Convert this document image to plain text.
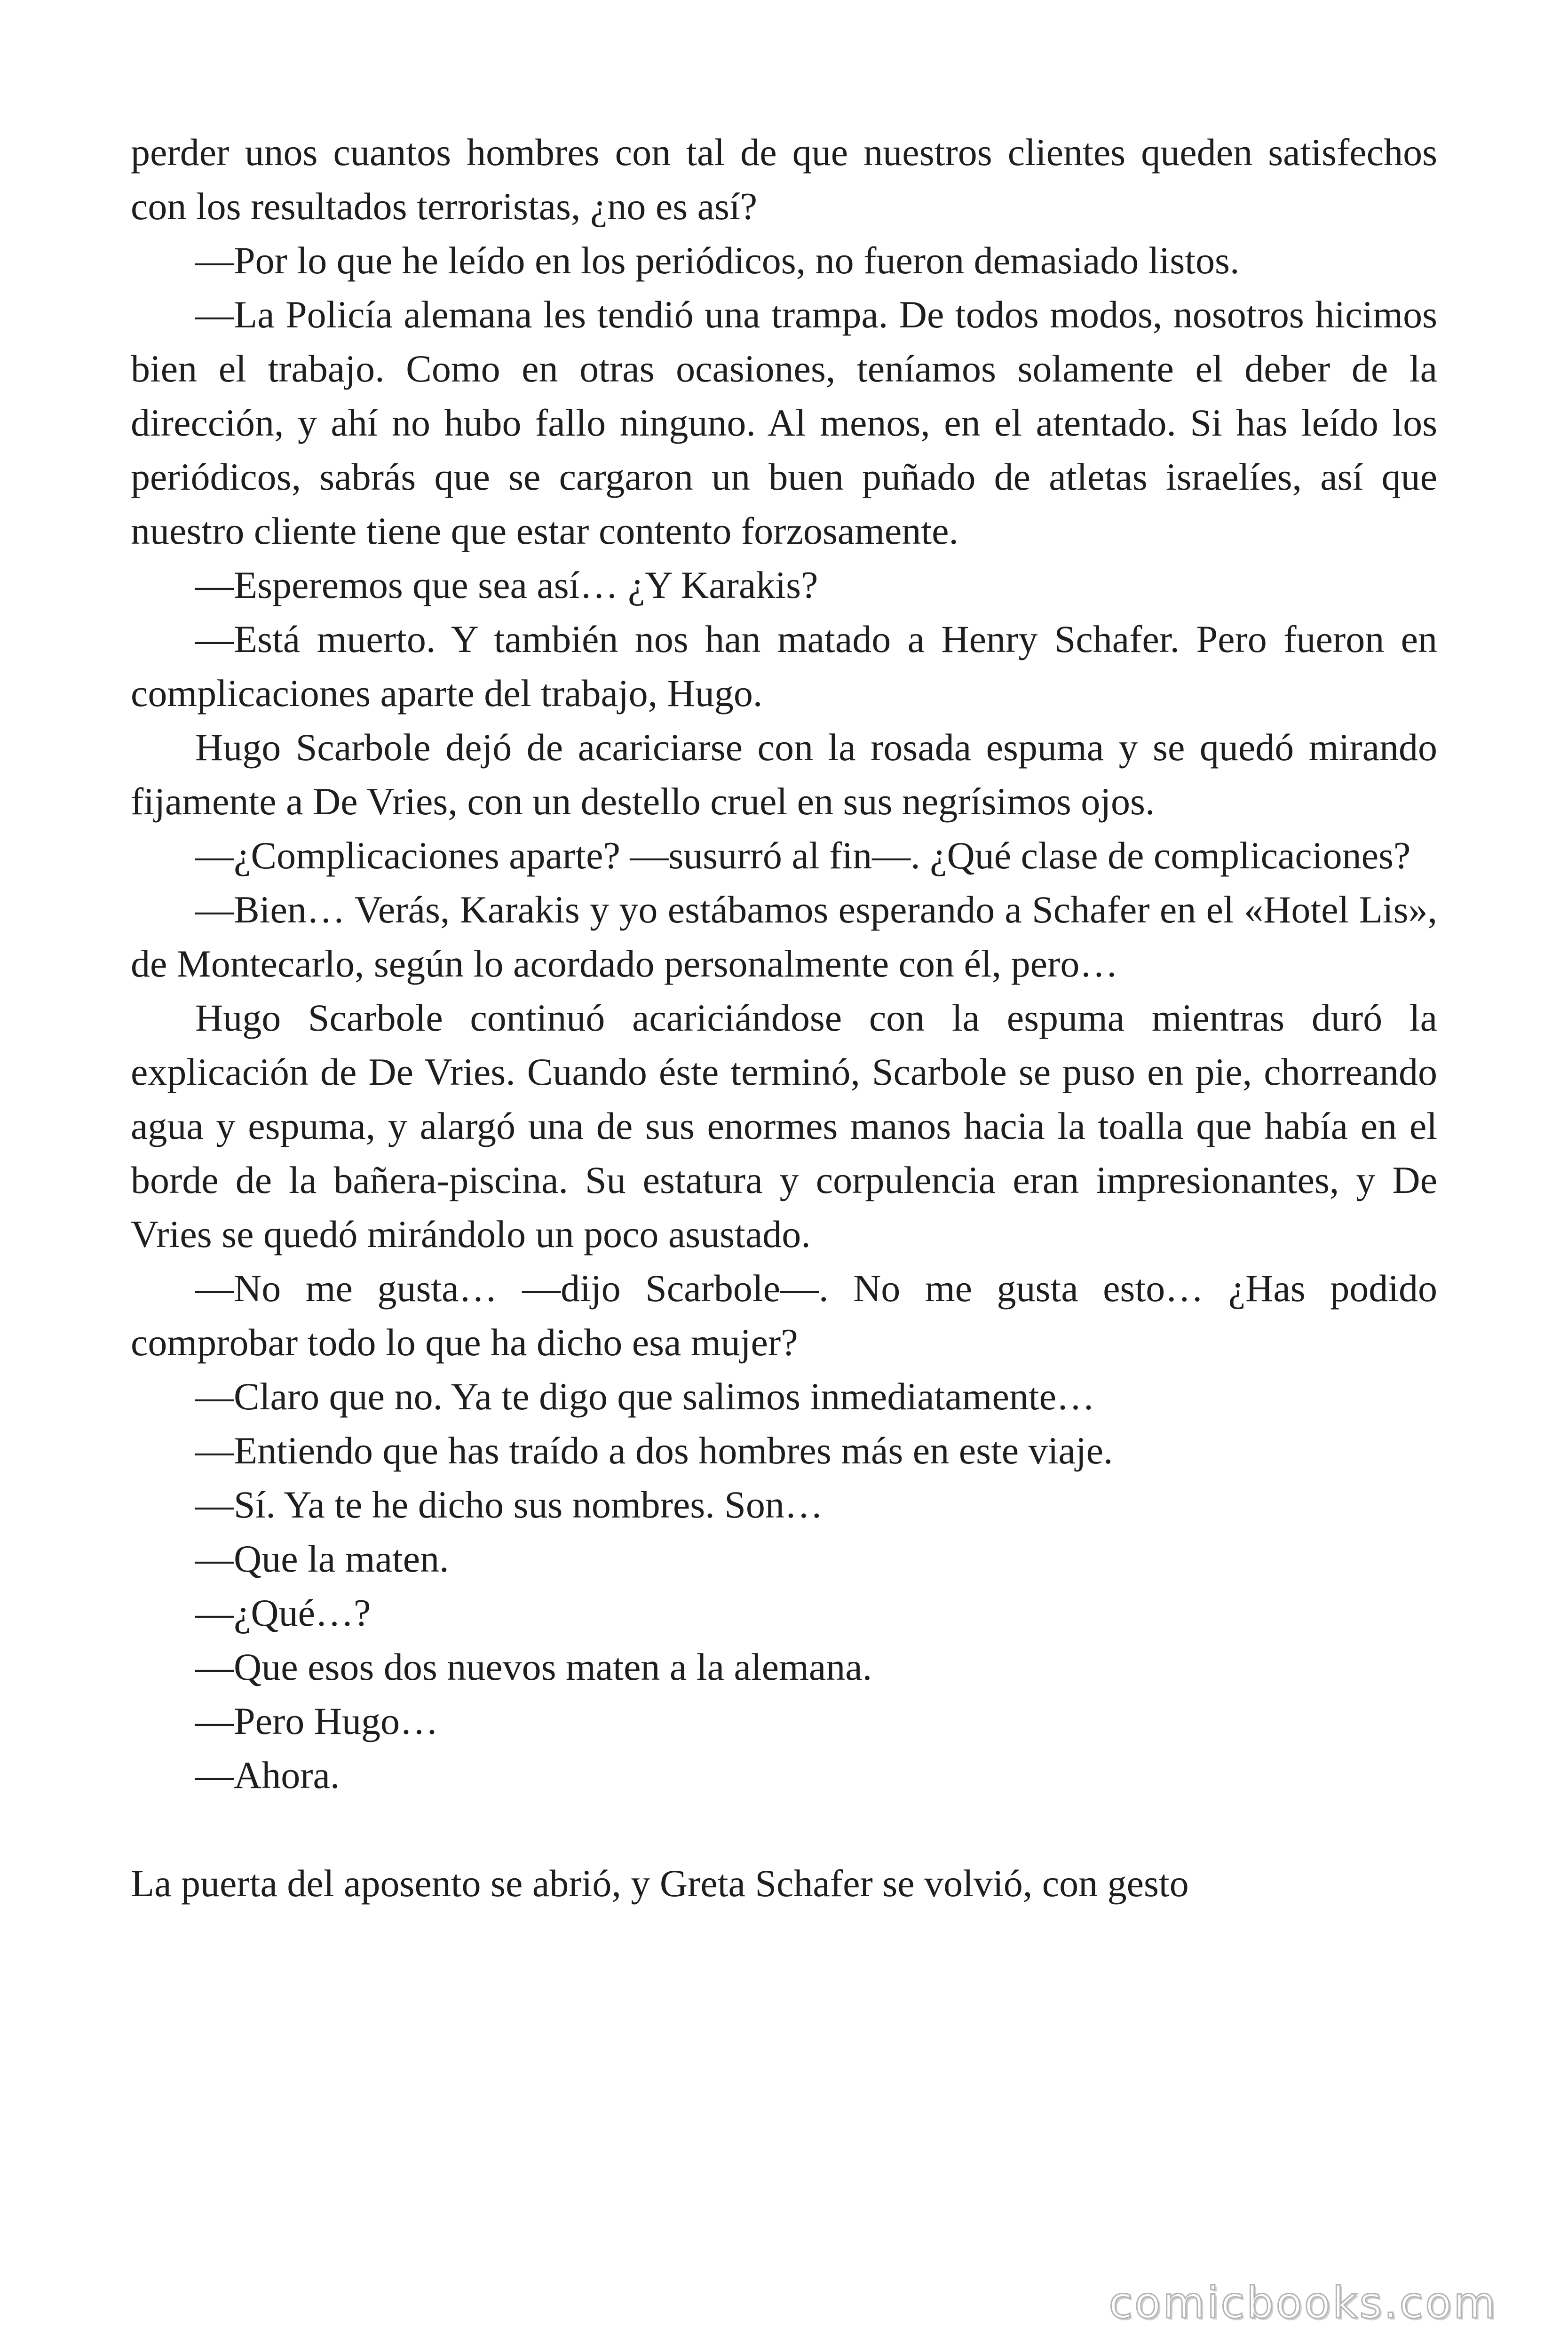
perder unos cuantos hombres con tal de que nuestros clientes queden satisfechos con los resultados terroristas, ¿no es así?

—Por lo que he leído en los periódicos, no fueron demasiado listos.

—La Policía alemana les tendió una trampa. De todos modos, nosotros hicimos bien el trabajo. Como en otras ocasiones, teníamos solamente el deber de la dirección, y ahí no hubo fallo ninguno. Al menos, en el atentado. Si has leído los periódicos, sabrás que se cargaron un buen puñado de atletas israelíes, así que nuestro cliente tiene que estar contento forzosamente.

—Esperemos que sea así… ¿Y Karakis?

—Está muerto. Y también nos han matado a Henry Schafer. Pero fueron en complicaciones aparte del trabajo, Hugo.

Hugo Scarbole dejó de acariciarse con la rosada espuma y se quedó mirando fijamente a De Vries, con un destello cruel en sus negrísimos ojos.

—¿Complicaciones aparte? —susurró al fin—. ¿Qué clase de complicaciones?

—Bien… Verás, Karakis y yo estábamos esperando a Schafer en el «Hotel Lis», de Montecarlo, según lo acordado personalmente con él, pero…

Hugo Scarbole continuó acariciándose con la espuma mientras duró la explicación de De Vries. Cuando éste terminó, Scarbole se puso en pie, chorreando agua y espuma, y alargó una de sus enormes manos hacia la toalla que había en el borde de la bañera-piscina. Su estatura y corpulencia eran impresionantes, y De Vries se quedó mirándolo un poco asustado.

—No me gusta… —dijo Scarbole—. No me gusta esto… ¿Has podido comprobar todo lo que ha dicho esa mujer?

—Claro que no. Ya te digo que salimos inmediatamente…

—Entiendo que has traído a dos hombres más en este viaje.

—Sí. Ya te he dicho sus nombres. Son…

—Que la maten.

—¿Qué…?

—Que esos dos nuevos maten a la alemana.

—Pero Hugo…

—Ahora.

La puerta del aposento se abrió, y Greta Schafer se volvió, con gesto

comicbooks.com
